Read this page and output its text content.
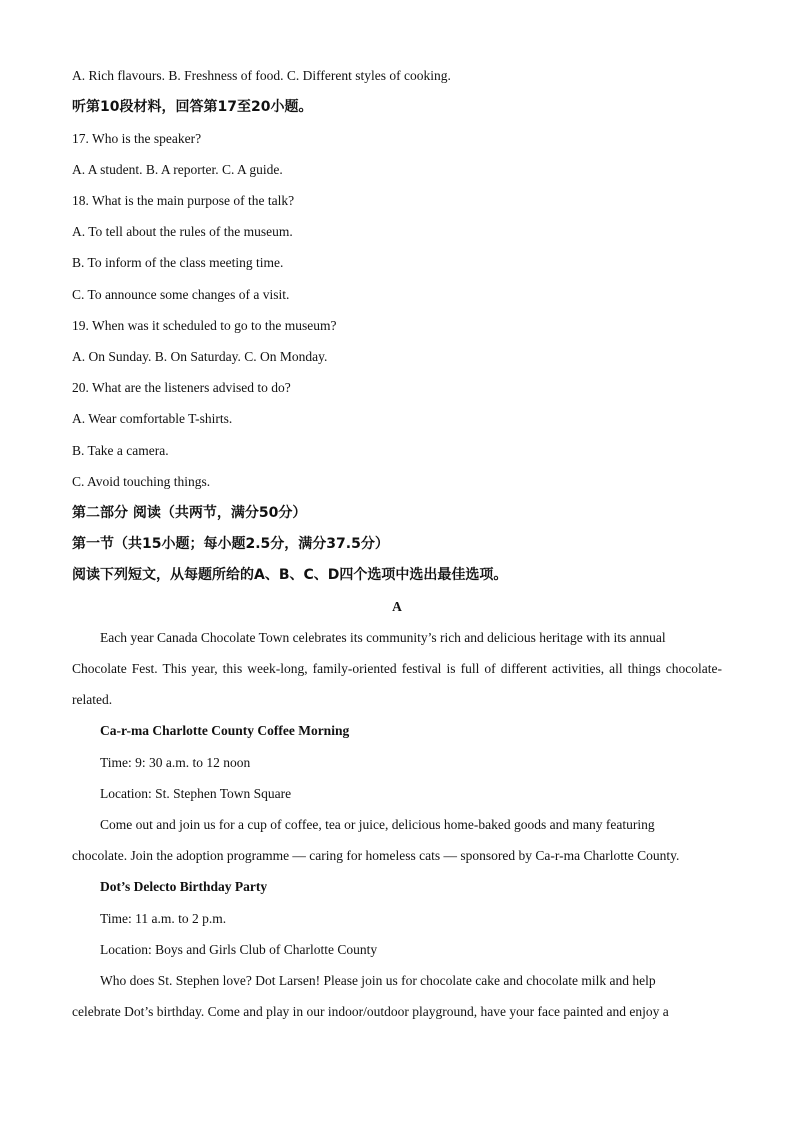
A. Rich flavours. B. Freshness of food. C. Different styles of cooking.
听第10段材料，回答第17至20小题。
17. Who is the speaker?
A. A student. B. A reporter. C. A guide.
18. What is the main purpose of the talk?
A. To tell about the rules of the museum.
B. To inform of the class meeting time.
C. To announce some changes of a visit.
19. When was it scheduled to go to the museum?
A. On Sunday. B. On Saturday. C. On Monday.
20. What are the listeners advised to do?
A. Wear comfortable T-shirts.
B. Take a camera.
C. Avoid touching things.
第二部分 阅读（共两节，满分50分）
第一节（共15小题；每小题2.5分，满分37.5分）
阅读下列短文，从每题所给的A、B、C、D四个选项中选出最佳选项。
A
Each year Canada Chocolate Town celebrates its community’s rich and delicious heritage with its annual
Chocolate Fest. This year, this week-long, family-oriented festival is full of different activities, all things chocolate-
related.
Ca-r-ma Charlotte County Coffee Morning
Time: 9: 30 a.m. to 12 noon
Location: St. Stephen Town Square
Come out and join us for a cup of coffee, tea or juice, delicious home-baked goods and many featuring
chocolate. Join the adoption programme — caring for homeless cats — sponsored by Ca-r-ma Charlotte County.
Dot’s Delecto Birthday Party
Time: 11 a.m. to 2 p.m.
Location: Boys and Girls Club of Charlotte County
Who does St. Stephen love? Dot Larsen! Please join us for chocolate cake and chocolate milk and help
celebrate Dot’s birthday. Come and play in our indoor/outdoor playground, have your face painted and enjoy a
